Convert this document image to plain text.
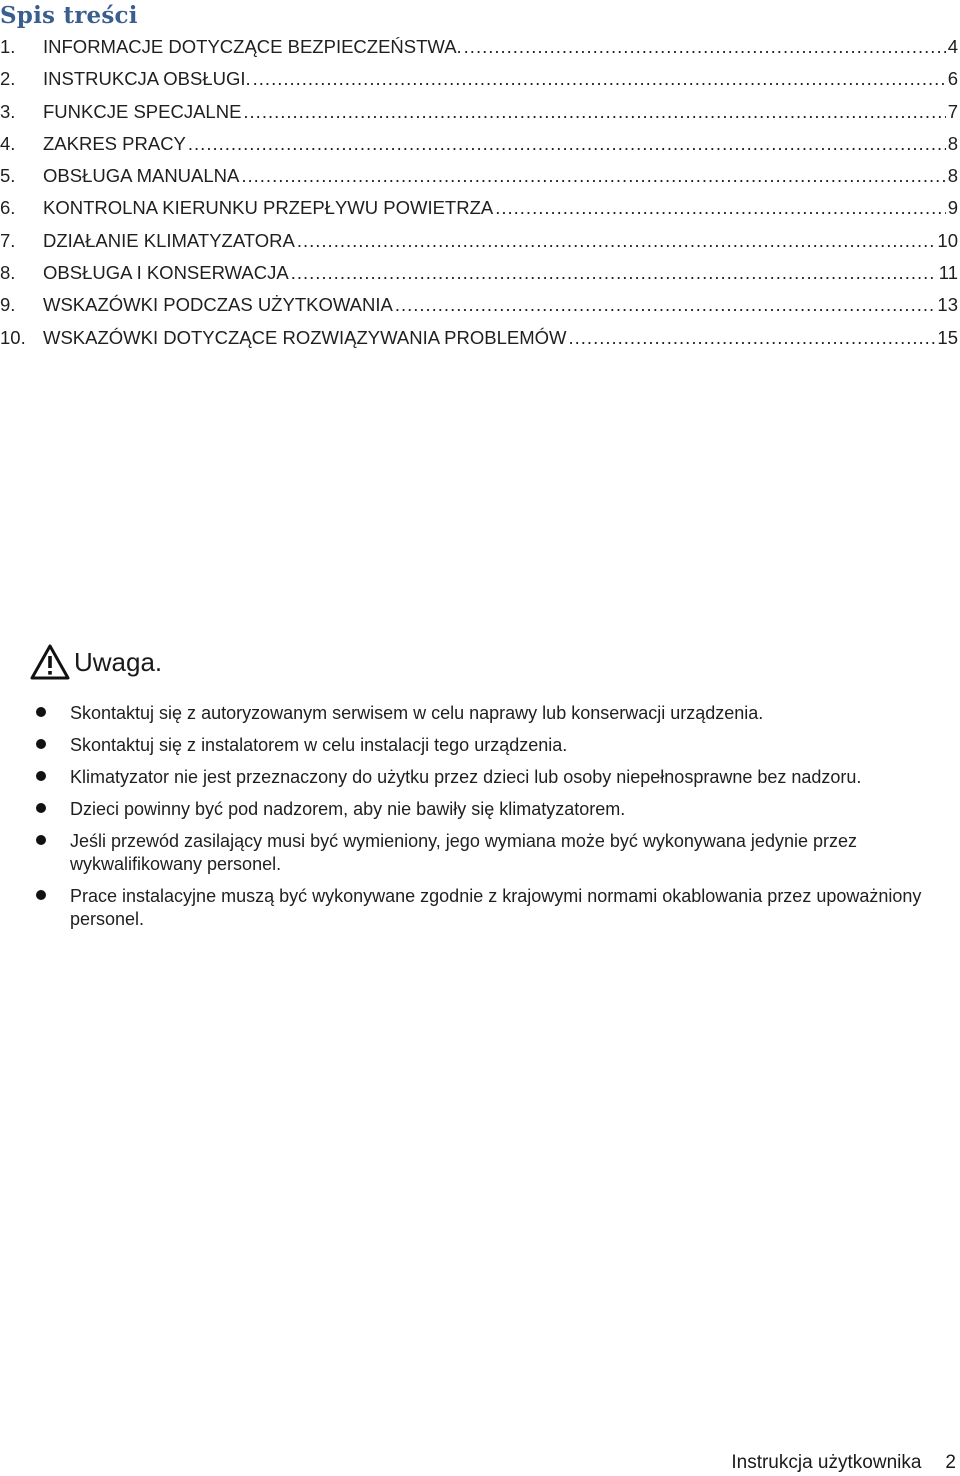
Spis treści
1.	INFORMACJE DOTYCZĄCE BEZPIECZEŃSTWA. .....	4
2.	INSTRUKCJA OBSŁUGI. .....	6
3.	FUNKCJE SPECJALNE .....	7
4.	ZAKRES PRACY .....	8
5.	OBSŁUGA MANUALNA .....	8
6.	KONTROLNA KIERUNKU PRZEPŁYWU POWIETRZA .....	9
7.	DZIAŁANIE KLIMATYZATORA .....	10
8.	OBSŁUGA I KONSERWACJA .....	11
9.	WSKAZÓWKI PODCZAS UŻYTKOWANIA .....	13
10. WSKAZÓWKI DOTYCZĄCE ROZWIĄZYWANIA PROBLEMÓW .....	15
Uwaga.
Skontaktuj się z autoryzowanym serwisem w celu naprawy lub konserwacji urządzenia.
Skontaktuj się z instalatorem w celu instalacji tego urządzenia.
Klimatyzator nie jest przeznaczony do użytku przez dzieci lub osoby niepełnosprawne bez nadzoru.
Dzieci powinny być pod nadzorem, aby nie bawiły się klimatyzatorem.
Jeśli przewód zasilający musi być wymieniony, jego wymiana może być wykonywana jedynie przez wykwalifikowany personel.
Prace instalacyjne muszą być wykonywane zgodnie z krajowymi normami okablowania przez upoważniony personel.
Instrukcja użytkownika 2
